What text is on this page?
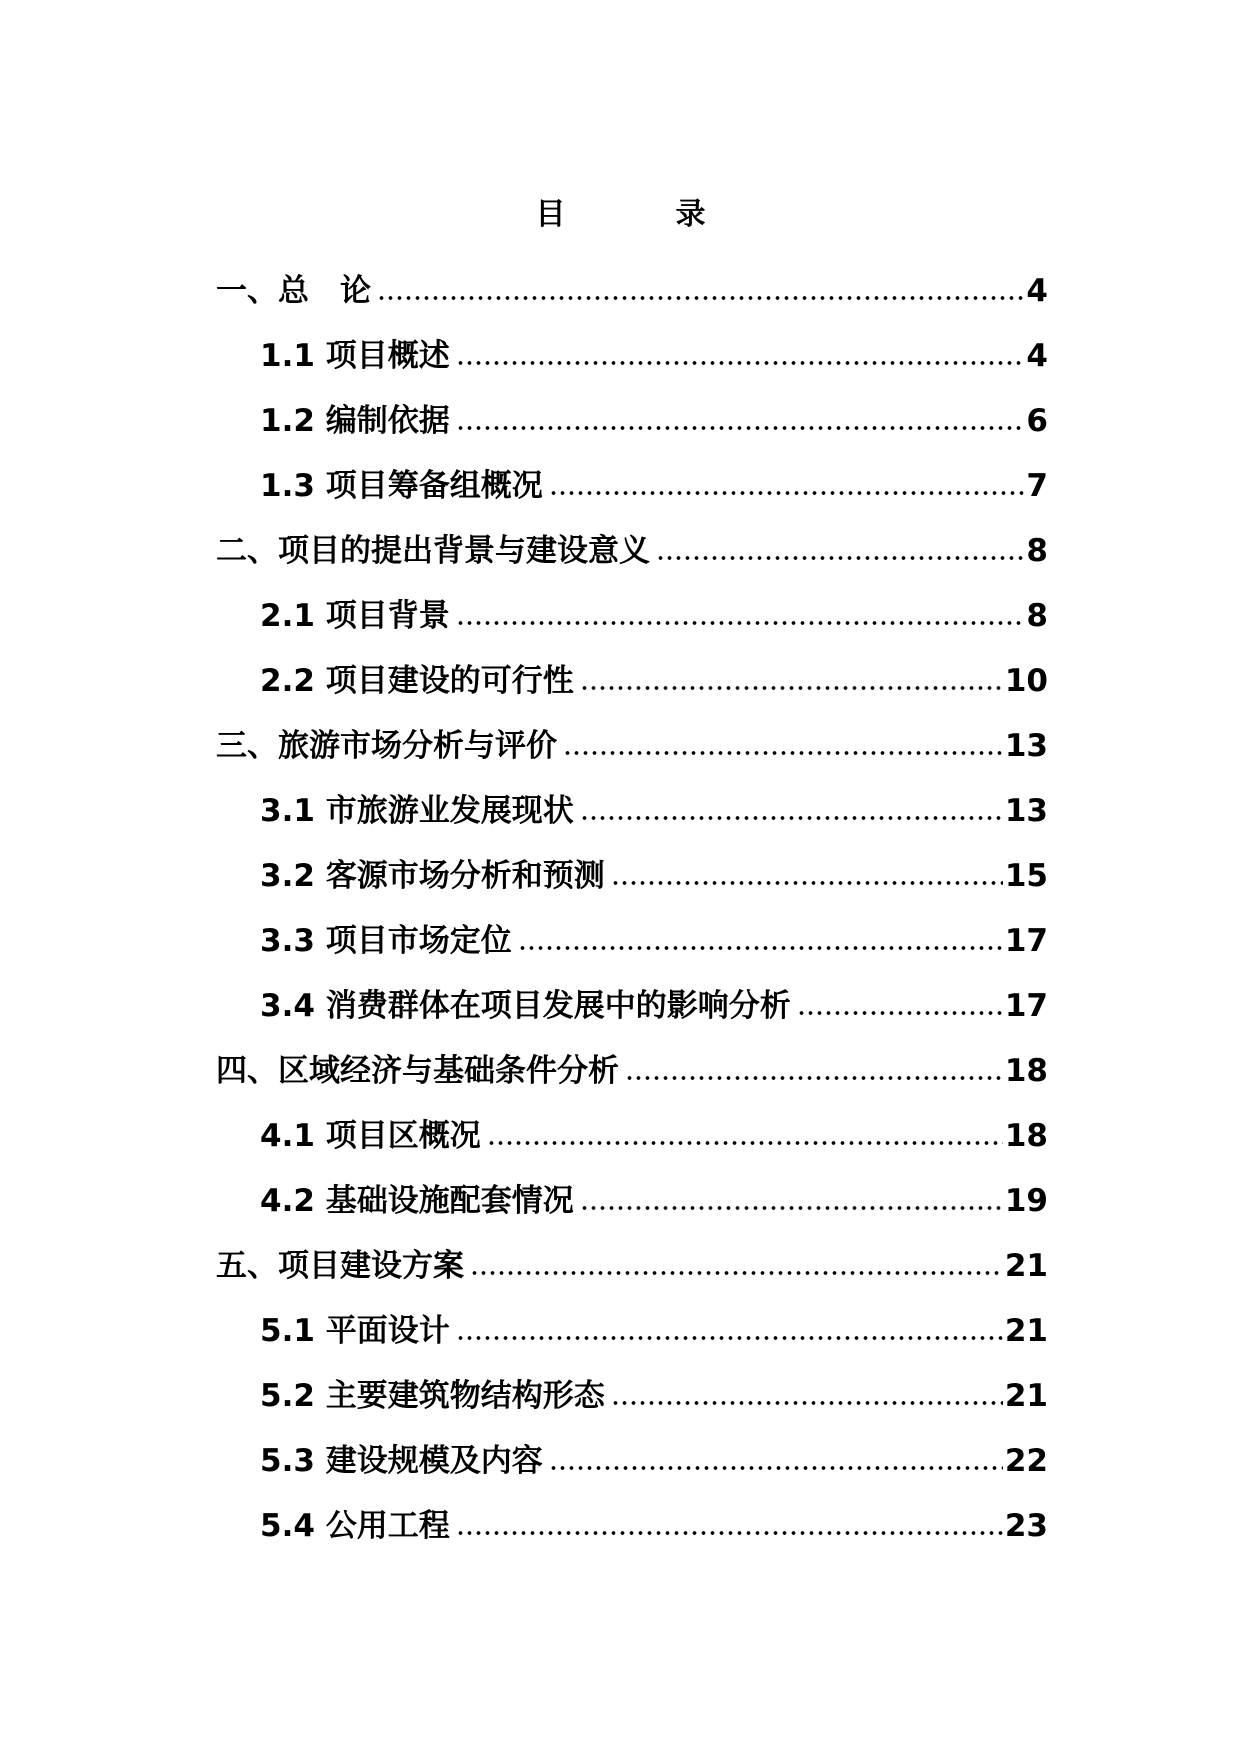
目　录
一、总　论	4
1.1 项目概述	4
1.2 编制依据	6
1.3 项目筹备组概况	7
二、项目的提出背景与建设意义	8
2.1 项目背景	8
2.2 项目建设的可行性	10
三、旅游市场分析与评价	13
3.1 市旅游业发展现状	13
3.2 客源市场分析和预测	15
3.3 项目市场定位	17
3.4 消费群体在项目发展中的影响分析	17
四、区域经济与基础条件分析	18
4.1 项目区概况	18
4.2 基础设施配套情况	19
五、项目建设方案	21
5.1 平面设计	21
5.2 主要建筑物结构形态	21
5.3 建设规模及内容	22
5.4 公用工程	23
